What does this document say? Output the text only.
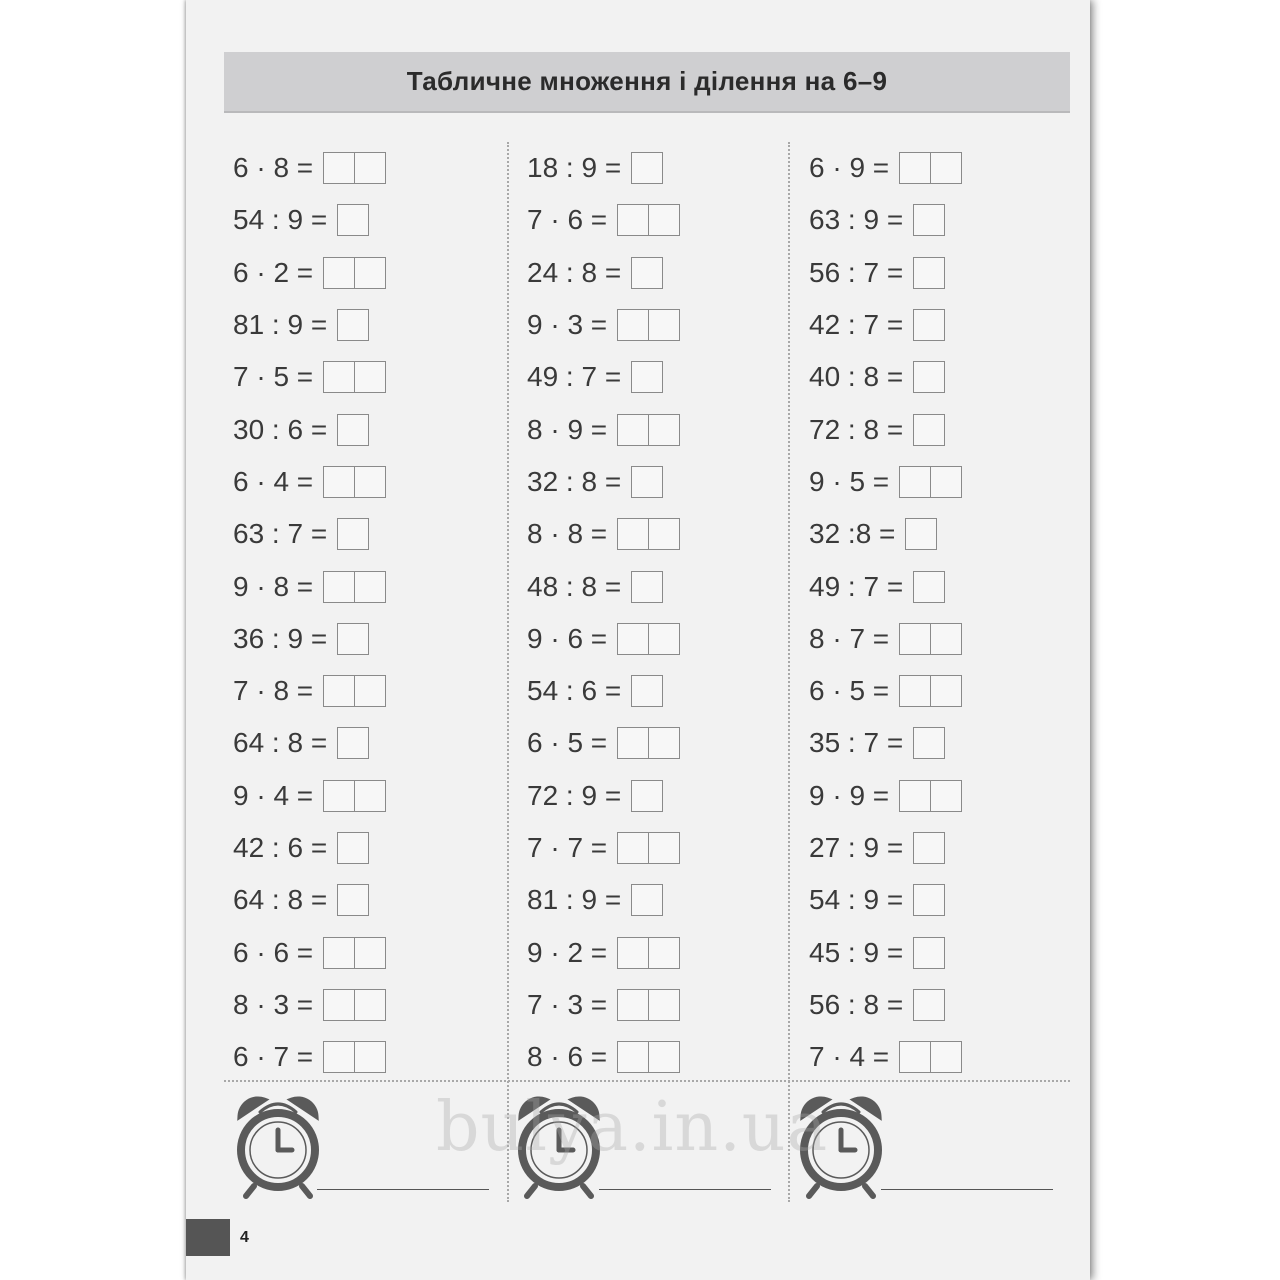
Табличне множення і ділення на 6–9
6 · 8 =
54 : 9 =
6 · 2 =
81 : 9 =
7 · 5 =
30 : 6 =
6 · 4 =
63 : 7 =
9 · 8 =
36 : 9 =
7 · 8 =
64 : 8 =
9 · 4 =
42 : 6 =
64 : 8 =
6 · 6 =
8 · 3 =
6 · 7 =
18 : 9 =
7 · 6 =
24 : 8 =
9 · 3 =
49 : 7 =
8 · 9 =
32 : 8 =
8 · 8 =
48 : 8 =
9 · 6 =
54 : 6 =
6 · 5 =
72 : 9 =
7 · 7 =
81 : 9 =
9 · 2 =
7 · 3 =
8 · 6 =
6 · 9 =
63 : 9 =
56 : 7 =
42 : 7 =
40 : 8 =
72 : 8 =
9 · 5 =
32 :8 =
49 : 7 =
8 · 7 =
6 · 5 =
35 : 7 =
9 · 9 =
27 : 9 =
54 : 9 =
45 : 9 =
56 : 8 =
7 · 4 =
bulya.in.ua
4
